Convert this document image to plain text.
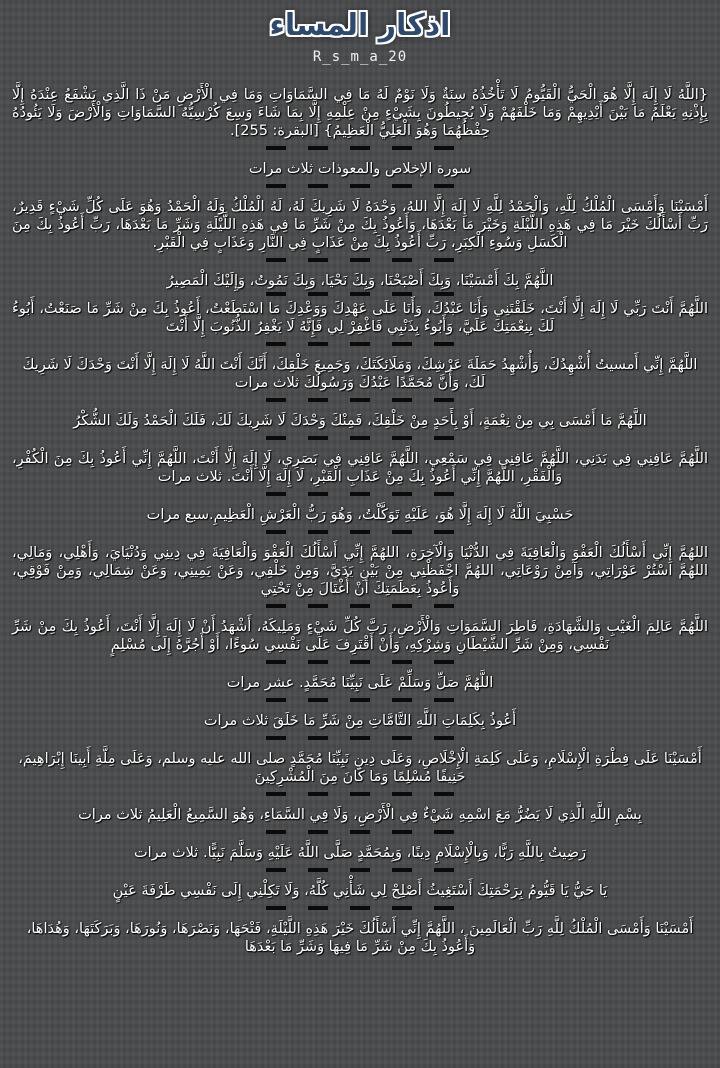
اذكار المساء
R_s_m_a_20

{اللَّهُ لَا إِلَهَ إِلَّا هُوَ الْحَيُّ الْقَيُّومُ لَا تَأْخُذُهُ سِنَةٌ وَلَا نَوْمٌ لَهُ مَا فِي السَّمَاوَاتِ وَمَا فِي الْأَرْضِ مَنْ ذَا الَّذِي يَشْفَعُ عِنْدَهُ إِلَّا بِإِذْنِهِ يَعْلَمُ مَا بَيْنَ أَيْدِيهِمْ وَمَا خَلْفَهُمْ وَلَا يُحِيطُونَ بِشَيْءٍ مِنْ عِلْمِهِ إِلَّا بِمَا شَاءَ وَسِعَ كُرْسِيُّهُ السَّمَاوَاتِ وَالْأَرْضَ وَلَا يَئُودُهُ حِفْظُهُمَا وَهُوَ الْعَلِيُّ الْعَظِيمُ} [البقرة: 255].

سورة الإخلاص والمعوذات ثلاث مرات

أَمْسَيْنَا وَأَمْسَى الْمُلْكُ لِلَّهِ، وَالْحَمْدُ لِلَّهِ لَا إِلَهَ إِلَّا اللهُ، وَحْدَهُ لَا شَرِيكَ لَهُ، لَهُ الْمُلْكُ وَلَهُ الْحَمْدُ وَهُوَ عَلَى كُلِّ شَيْءٍ قَدِيرٌ، رَبِّ أَسْأَلُكَ خَيْرَ مَا فِي هَذِهِ اللَّيْلَةِ وَخَيْرَ مَا بَعْدَهَا، وَأَعُوذُ بِكَ مِنْ شَرِّ مَا فِي هَذِهِ اللَّيْلَةِ وَشَرِّ مَا بَعْدَهَا، رَبِّ أَعُوذُ بِكَ مِنَ الْكَسَلِ وَسُوءِ الْكِبَرِ، رَبِّ أَعُوذُ بِكَ مِنْ عَذَابٍ فِي النَّارِ وَعَذَابٍ فِي الْقَبْرِ.

اللَّهُمَّ بِكَ أَمْسَيْنَا، وَبِكَ أَصْبَحْنَا، وَبِكَ نَحْيَا، وَبِكَ نَمُوتُ، وَإِلَيْكَ الْمَصِيرُ

اللَّهُمَّ أَنْتَ رَبِّي لَا إِلَهَ إِلَّا أَنْتَ، خَلَقْتَنِي وَأَنَا عَبْدُكَ، وَأَنَا عَلَى عَهْدِكَ وَوَعْدِكَ مَا اسْتَطَعْتُ، أَعُوذُ بِكَ مِنْ شَرِّ مَا صَنَعْتُ، أَبُوءُ لَكَ بِنِعْمَتِكَ عَلَيَّ، وَأَبُوءُ بِذَنْبِي فَاغْفِرْ لِي فَإِنَّهُ لَا يَغْفِرُ الذُّنُوبَ إِلَّا أَنْتَ

اللَّهُمَّ إِنِّي أَمسيتُ أُشْهِدُكَ، وَأُشْهِدُ حَمَلَةَ عَرْشِكَ، وَمَلَائِكَتَكَ، وَجَمِيعَ خَلْقِكَ، أَنَّكَ أَنْتَ اللَّهُ لَا إِلَهَ إِلَّا أَنْتَ وَحْدَكَ لَا شَرِيكَ لَكَ، وَأَنَّ مُحَمَّدًا عَبْدُكَ وَرَسُولُكَ ثلاث مرات

اللَّهُمَّ مَا أَمْسَى بِي مِنْ نِعْمَةٍ، أَوْ بِأَحَدٍ مِنْ خَلْقِكَ، فَمِنْكَ وَحْدَكَ لَا شَرِيكَ لَكَ، فَلَكَ الْحَمْدُ وَلَكَ الشُّكْرُ

اللَّهُمَّ عَافِنِي فِي بَدَنِي، اللَّهُمَّ عَافِنِي فِي سَمْعِي، اللَّهُمَّ عَافِنِي فِي بَصَرِي، لَا إِلَهَ إِلَّا أَنْتَ، اللَّهُمَّ إِنِّي أَعُوذُ بِكَ مِنَ الْكُفْرِ، وَالْفَقْرِ، اللَّهُمَّ إِنِّي أَعُوذُ بِكَ مِنْ عَذَابِ الْقَبْرِ، لَا إِلَهَ إِلَّا أَنْتَ. ثلاث مرات

حَسْبِيَ اللَّهُ لَا إِلَهَ إِلَّا هُوَ، عَلَيْهِ تَوَكَّلْتُ، وَهُوَ رَبُّ الْعَرْشِ الْعَظِيمِ.سبع مرات

اللهُمَّ إِنِّي أَسْأَلُكَ الْعَفْوَ وَالْعَافِيَةَ فِي الدُّنْيَا وَالْآخِرَةِ، اللهُمَّ إِنِّي أَسْأَلُكَ الْعَفْوَ وَالْعَافِيَةَ فِي دِينِي وَدُنْيَايَ، وَأَهْلِي، وَمَالِي، اللهُمَّ اسْتُرْ عَوْرَاتِي، وَآمِنْ رَوْعَاتِي، اللهُمَّ احْفَظْنِي مِنْ بَيْنِ يَدَيَّ، وَمِنْ خَلْفِي، وَعَنْ يَمِينِي، وَعَنْ شِمَالِي، وَمِنْ فَوْقِي، وَأَعُوذُ بِعَظَمَتِكَ أَنْ أُغْتَالَ مِنْ تَحْتِي

اللَّهُمَّ عَالِمَ الْغَيْبِ وَالشَّهَادَةِ، فَاطِرَ السَّمَوَاتِ وَالْأَرْضِ، رَبَّ كُلِّ شَيْءٍ وَمَلِيكَهُ، أَشْهَدُ أَنْ لَا إِلَهَ إِلَّا أَنْتَ، أَعُوذُ بِكَ مِنْ شَرِّ نَفْسِي، وَمِنْ شَرِّ الشَّيْطَانِ وَشِرْكِهِ، وَأَنْ أَقْتَرِفَ عَلَى نَفْسِي سُوءًا، أَوْ أَجُرَّهُ إِلَى مُسْلِمٍ

اللَّهُمَّ صَلِّ وَسَلِّمْ عَلَى نَبِيِّنَا مُحَمَّدٍ. عشر مرات

أَعُوذُ بِكَلِمَاتِ اللَّهِ التَّامَّاتِ مِنْ شَرِّ مَا خَلَقَ ثلاث مرات

أَمْسَيْنَا عَلَى فِطْرَةِ الْإِسْلَامِ، وَعَلَى كَلِمَةِ الْإِخْلَاصِ، وَعَلَى دِينِ نَبِيِّنَا مُحَمَّدٍ صلى الله عليه وسلم، وَعَلَى مِلَّةِ أَبِينَا إِبْرَاهِيمَ، حَنِيفًا مُسْلِمًا وَمَا كَانَ مِنَ الْمُشْرِكِينَ

بِسْمِ اللَّهِ الَّذِي لَا يَضُرُّ مَعَ اسْمِهِ شَيْءٌ فِي الْأَرْضِ، وَلَا فِي السَّمَاءِ، وَهُوَ السَّمِيعُ الْعَلِيمُ ثلاث مرات

رَضِيتُ بِاللَّهِ رَبًّا، وَبِالْإِسْلَامِ دِينًا، وَبِمُحَمَّدٍ صَلَّى اللَّهُ عَلَيْهِ وَسَلَّمَ نَبِيًّا. ثلاث مرات

يَا حَيُّ يَا قَيُّومُ بِرَحْمَتِكَ أَسْتَغِيثُ أَصْلِحْ لِي شَأْنِي كُلَّهُ، وَلَا تَكِلْنِي إِلَى نَفْسِي طَرْفَةَ عَيْنٍ

أَمْسَيْنَا وَأَمْسَى الْمُلْكُ لِلَّهِ رَبِّ الْعَالَمِينَ ، اللَّهُمَّ إِنِّي أَسْأَلُكَ خَيْرَ هَذِهِ اللَّيْلَةِ، فَتْحَهَا، وَنَصْرَهَا، وَنُورَهَا، وَبَرَكَتَهَا، وَهُدَاهَا، وَأَعُوذُ بِكَ مِنْ شَرِّ مَا فِيهَا وَشَرِّ مَا بَعْدَهَا
